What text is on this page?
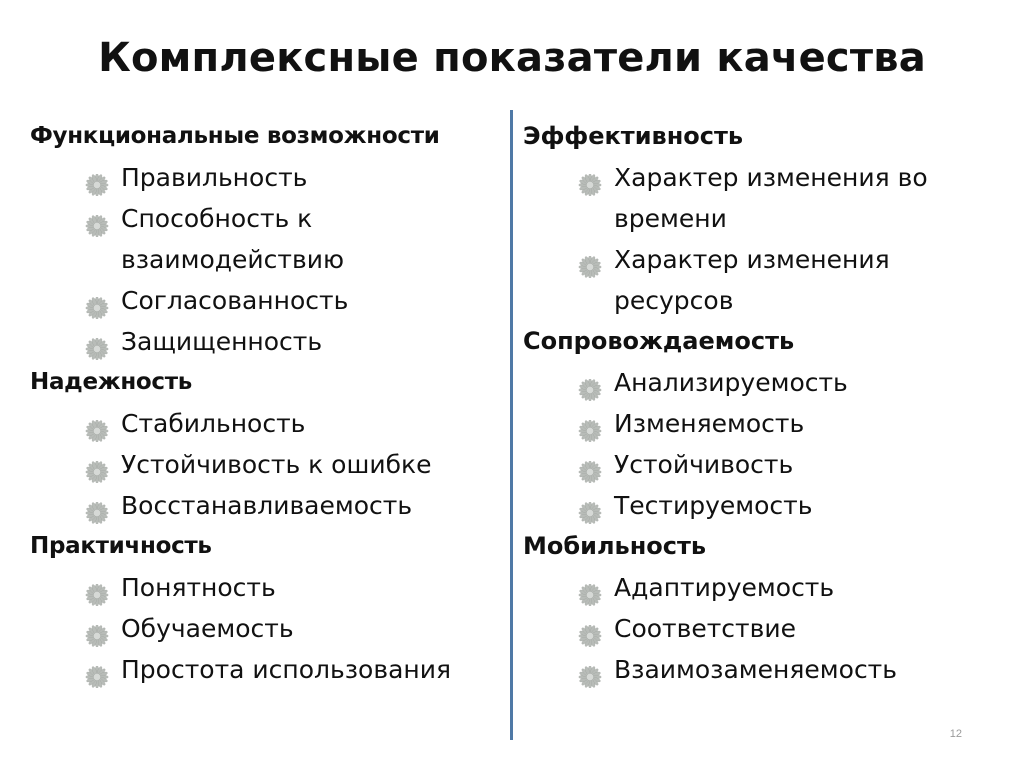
Комплексные показатели качества
Функциональные возможности
Правильность
Способность к взаимодействию
Согласованность
Защищенность
Надежность
Стабильность
Устойчивость к ошибке
Восстанавливаемость
Практичность
Понятность
Обучаемость
Простота использования
Эффективность
Характер изменения во времени
Характер изменения ресурсов
Сопровождаемость
Анализируемость
Изменяемость
Устойчивость
Тестируемость
Мобильность
Адаптируемость
Соответствие
Взаимозаменяемость
12
